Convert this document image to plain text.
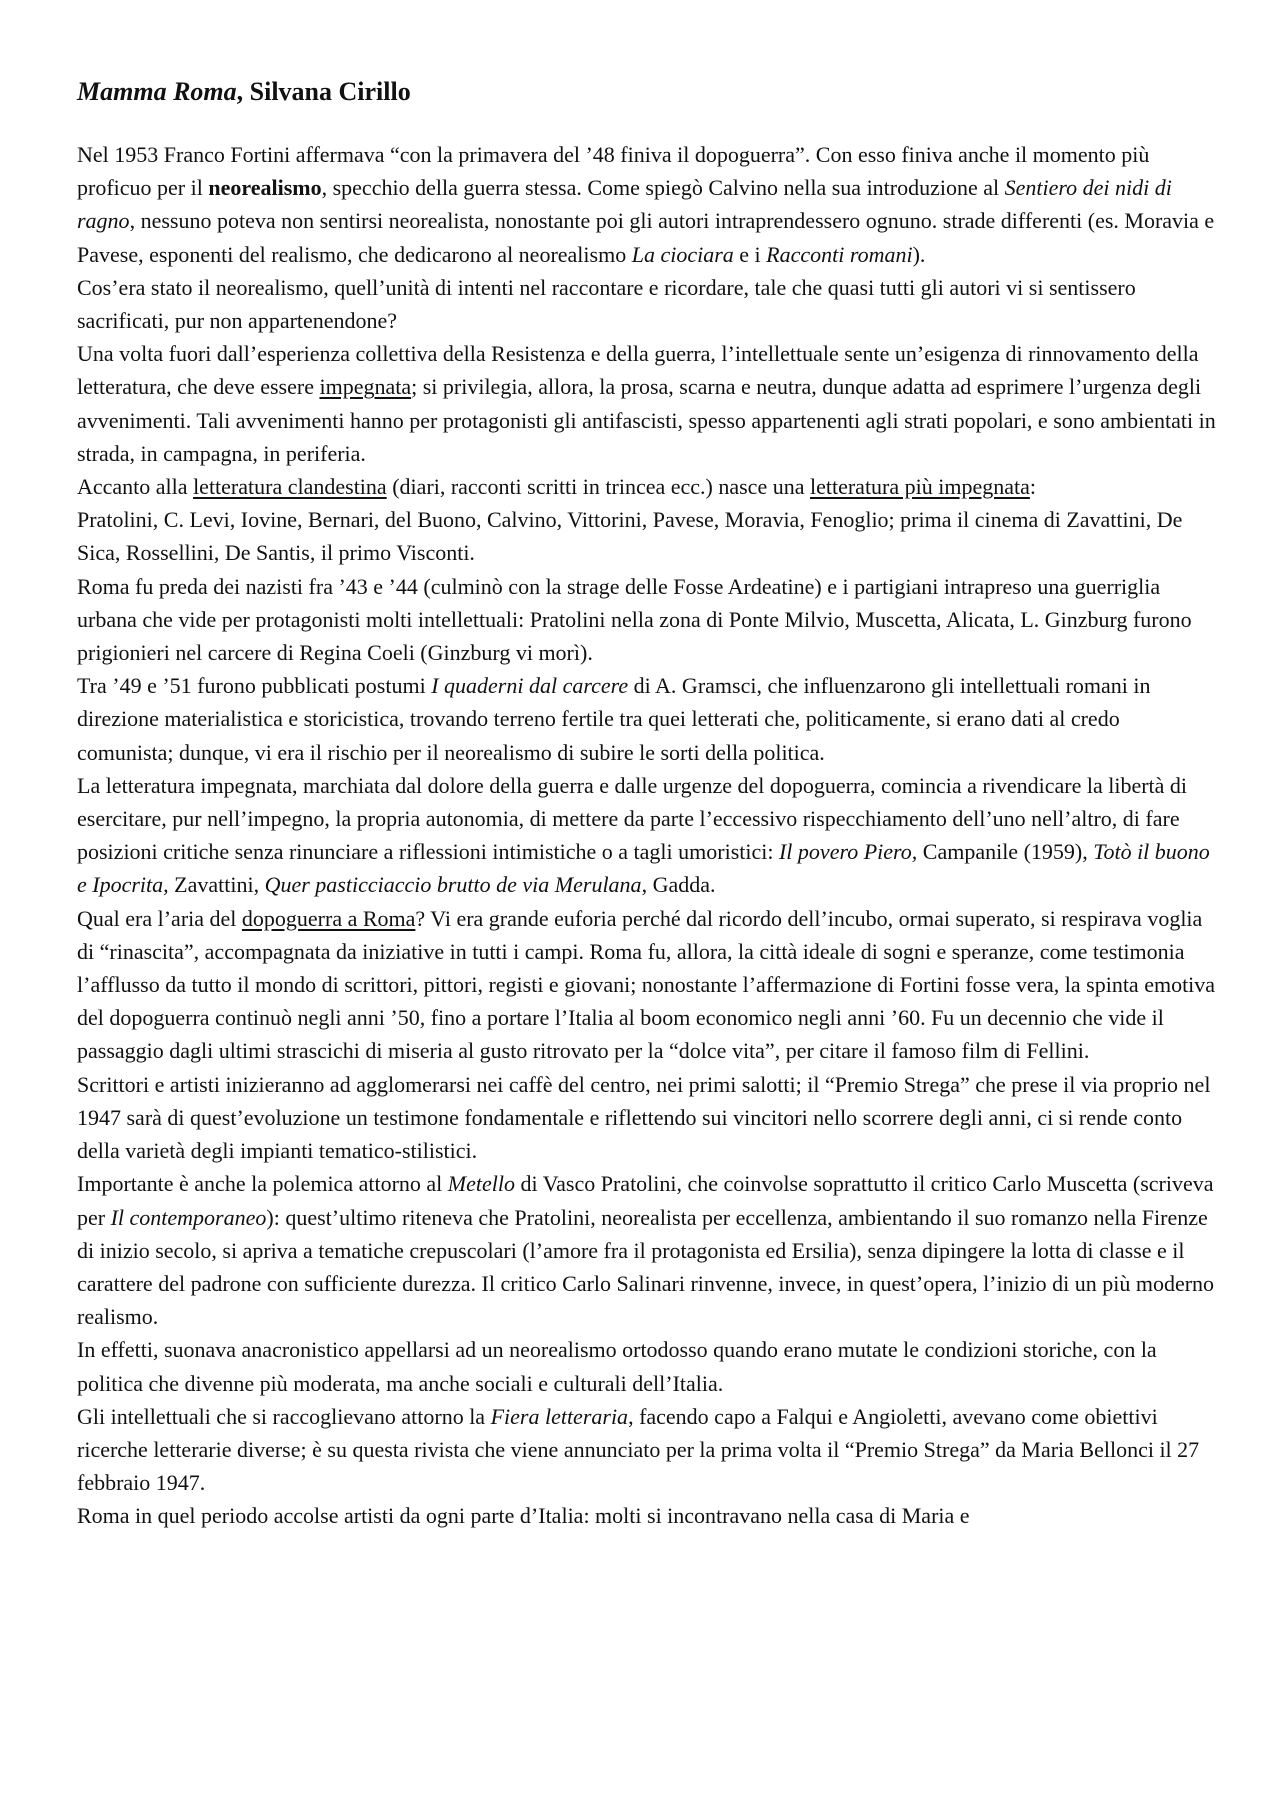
Mamma Roma, Silvana Cirillo

Nel 1953 Franco Fortini affermava “con la primavera del ’48 finiva il dopoguerra”. Con esso finiva anche il momento più proficuo per il neorealismo, specchio della guerra stessa. Come spiegò Calvino nella sua introduzione al Sentiero dei nidi di ragno, nessuno poteva non sentirsi neorealista, nonostante poi gli autori intraprendessero ognuno. strade differenti (es. Moravia e Pavese, esponenti del realismo, che dedicarono al neorealismo La ciociara e i Racconti romani).

Cos’era stato il neorealismo, quell’unità di intenti nel raccontare e ricordare, tale che quasi tutti gli autori vi si sentissero sacrificati, pur non appartenendone?

Una volta fuori dall’esperienza collettiva della Resistenza e della guerra, l’intellettuale sente un’esigenza di rinnovamento della letteratura, che deve essere impegnata; si privilegia, allora, la prosa, scarna e neutra, dunque adatta ad esprimere l’urgenza degli avvenimenti. Tali avvenimenti hanno per protagonisti gli antifascisti, spesso appartenenti agli strati popolari, e sono ambientati in strada, in campagna, in periferia.

Accanto alla letteratura clandestina (diari, racconti scritti in trincea ecc.) nasce una letteratura più impegnata:

Pratolini, C. Levi, Iovine, Bernari, del Buono, Calvino, Vittorini, Pavese, Moravia, Fenoglio; prima il cinema di Zavattini, De Sica, Rossellini, De Santis, il primo Visconti.

Roma fu preda dei nazisti fra ’43 e ’44 (culminò con la strage delle Fosse Ardeatine) e i partigiani intrapreso una guerriglia urbana che vide per protagonisti molti intellettuali: Pratolini nella zona di Ponte Milvio, Muscetta, Alicata, L. Ginzburg furono prigionieri nel carcere di Regina Coeli (Ginzburg vi morì).

Tra ’49 e ’51 furono pubblicati postumi I quaderni dal carcere di A. Gramsci, che influenzarono gli intellettuali romani in direzione materialistica e storicistica, trovando terreno fertile tra quei letterati che, politicamente, si erano dati al credo comunista; dunque, vi era il rischio per il neorealismo di subire le sorti della politica.

La letteratura impegnata, marchiata dal dolore della guerra e dalle urgenze del dopoguerra, comincia a rivendicare la libertà di esercitare, pur nell’impegno, la propria autonomia, di mettere da parte l’eccessivo rispecchiamento dell’uno nell’altro, di fare posizioni critiche senza rinunciare a riflessioni intimistiche o a tagli umoristici: Il povero Piero, Campanile (1959), Totò il buono e Ipocrita, Zavattini, Quer pasticciaccio brutto de via Merulana, Gadda.

Qual era l’aria del dopoguerra a Roma? Vi era grande euforia perché dal ricordo dell’incubo, ormai superato, si respirava voglia di “rinascita”, accompagnata da iniziative in tutti i campi. Roma fu, allora, la città ideale di sogni e speranze, come testimonia l’afflusso da tutto il mondo di scrittori, pittori, registi e giovani; nonostante l’affermazione di Fortini fosse vera, la spinta emotiva del dopoguerra continuò negli anni ’50, fino a portare l’Italia al boom economico negli anni ’60. Fu un decennio che vide il passaggio dagli ultimi strascichi di miseria al gusto ritrovato per la “dolce vita”, per citare il famoso film di Fellini.

Scrittori e artisti inizieranno ad agglomerarsi nei caffè del centro, nei primi salotti; il “Premio Strega” che prese il via proprio nel 1947 sarà di quest’evoluzione un testimone fondamentale e riflettendo sui vincitori nello scorrere degli anni, ci si rende conto della varietà degli impianti tematico-stilistici.

Importante è anche la polemica attorno al Metello di Vasco Pratolini, che coinvolse soprattutto il critico Carlo Muscetta (scriveva per Il contemporaneo): quest’ultimo riteneva che Pratolini, neorealista per eccellenza, ambientando il suo romanzo nella Firenze di inizio secolo, si apriva a tematiche crepuscolari (l’amore fra il protagonista ed Ersilia), senza dipingere la lotta di classe e il carattere del padrone con sufficiente durezza. Il critico Carlo Salinari rinvenne, invece, in quest’opera, l’inizio di un più moderno realismo.

In effetti, suonava anacronistico appellarsi ad un neorealismo ortodosso quando erano mutate le condizioni storiche, con la politica che divenne più moderata, ma anche sociali e culturali dell’Italia.

Gli intellettuali che si raccoglievano attorno la Fiera letteraria, facendo capo a Falqui e Angioletti, avevano come obiettivi ricerche letterarie diverse; è su questa rivista che viene annunciato per la prima volta il “Premio Strega” da Maria Bellonci il 27 febbraio 1947.

Roma in quel periodo accolse artisti da ogni parte d’Italia: molti si incontravano nella casa di Maria e
